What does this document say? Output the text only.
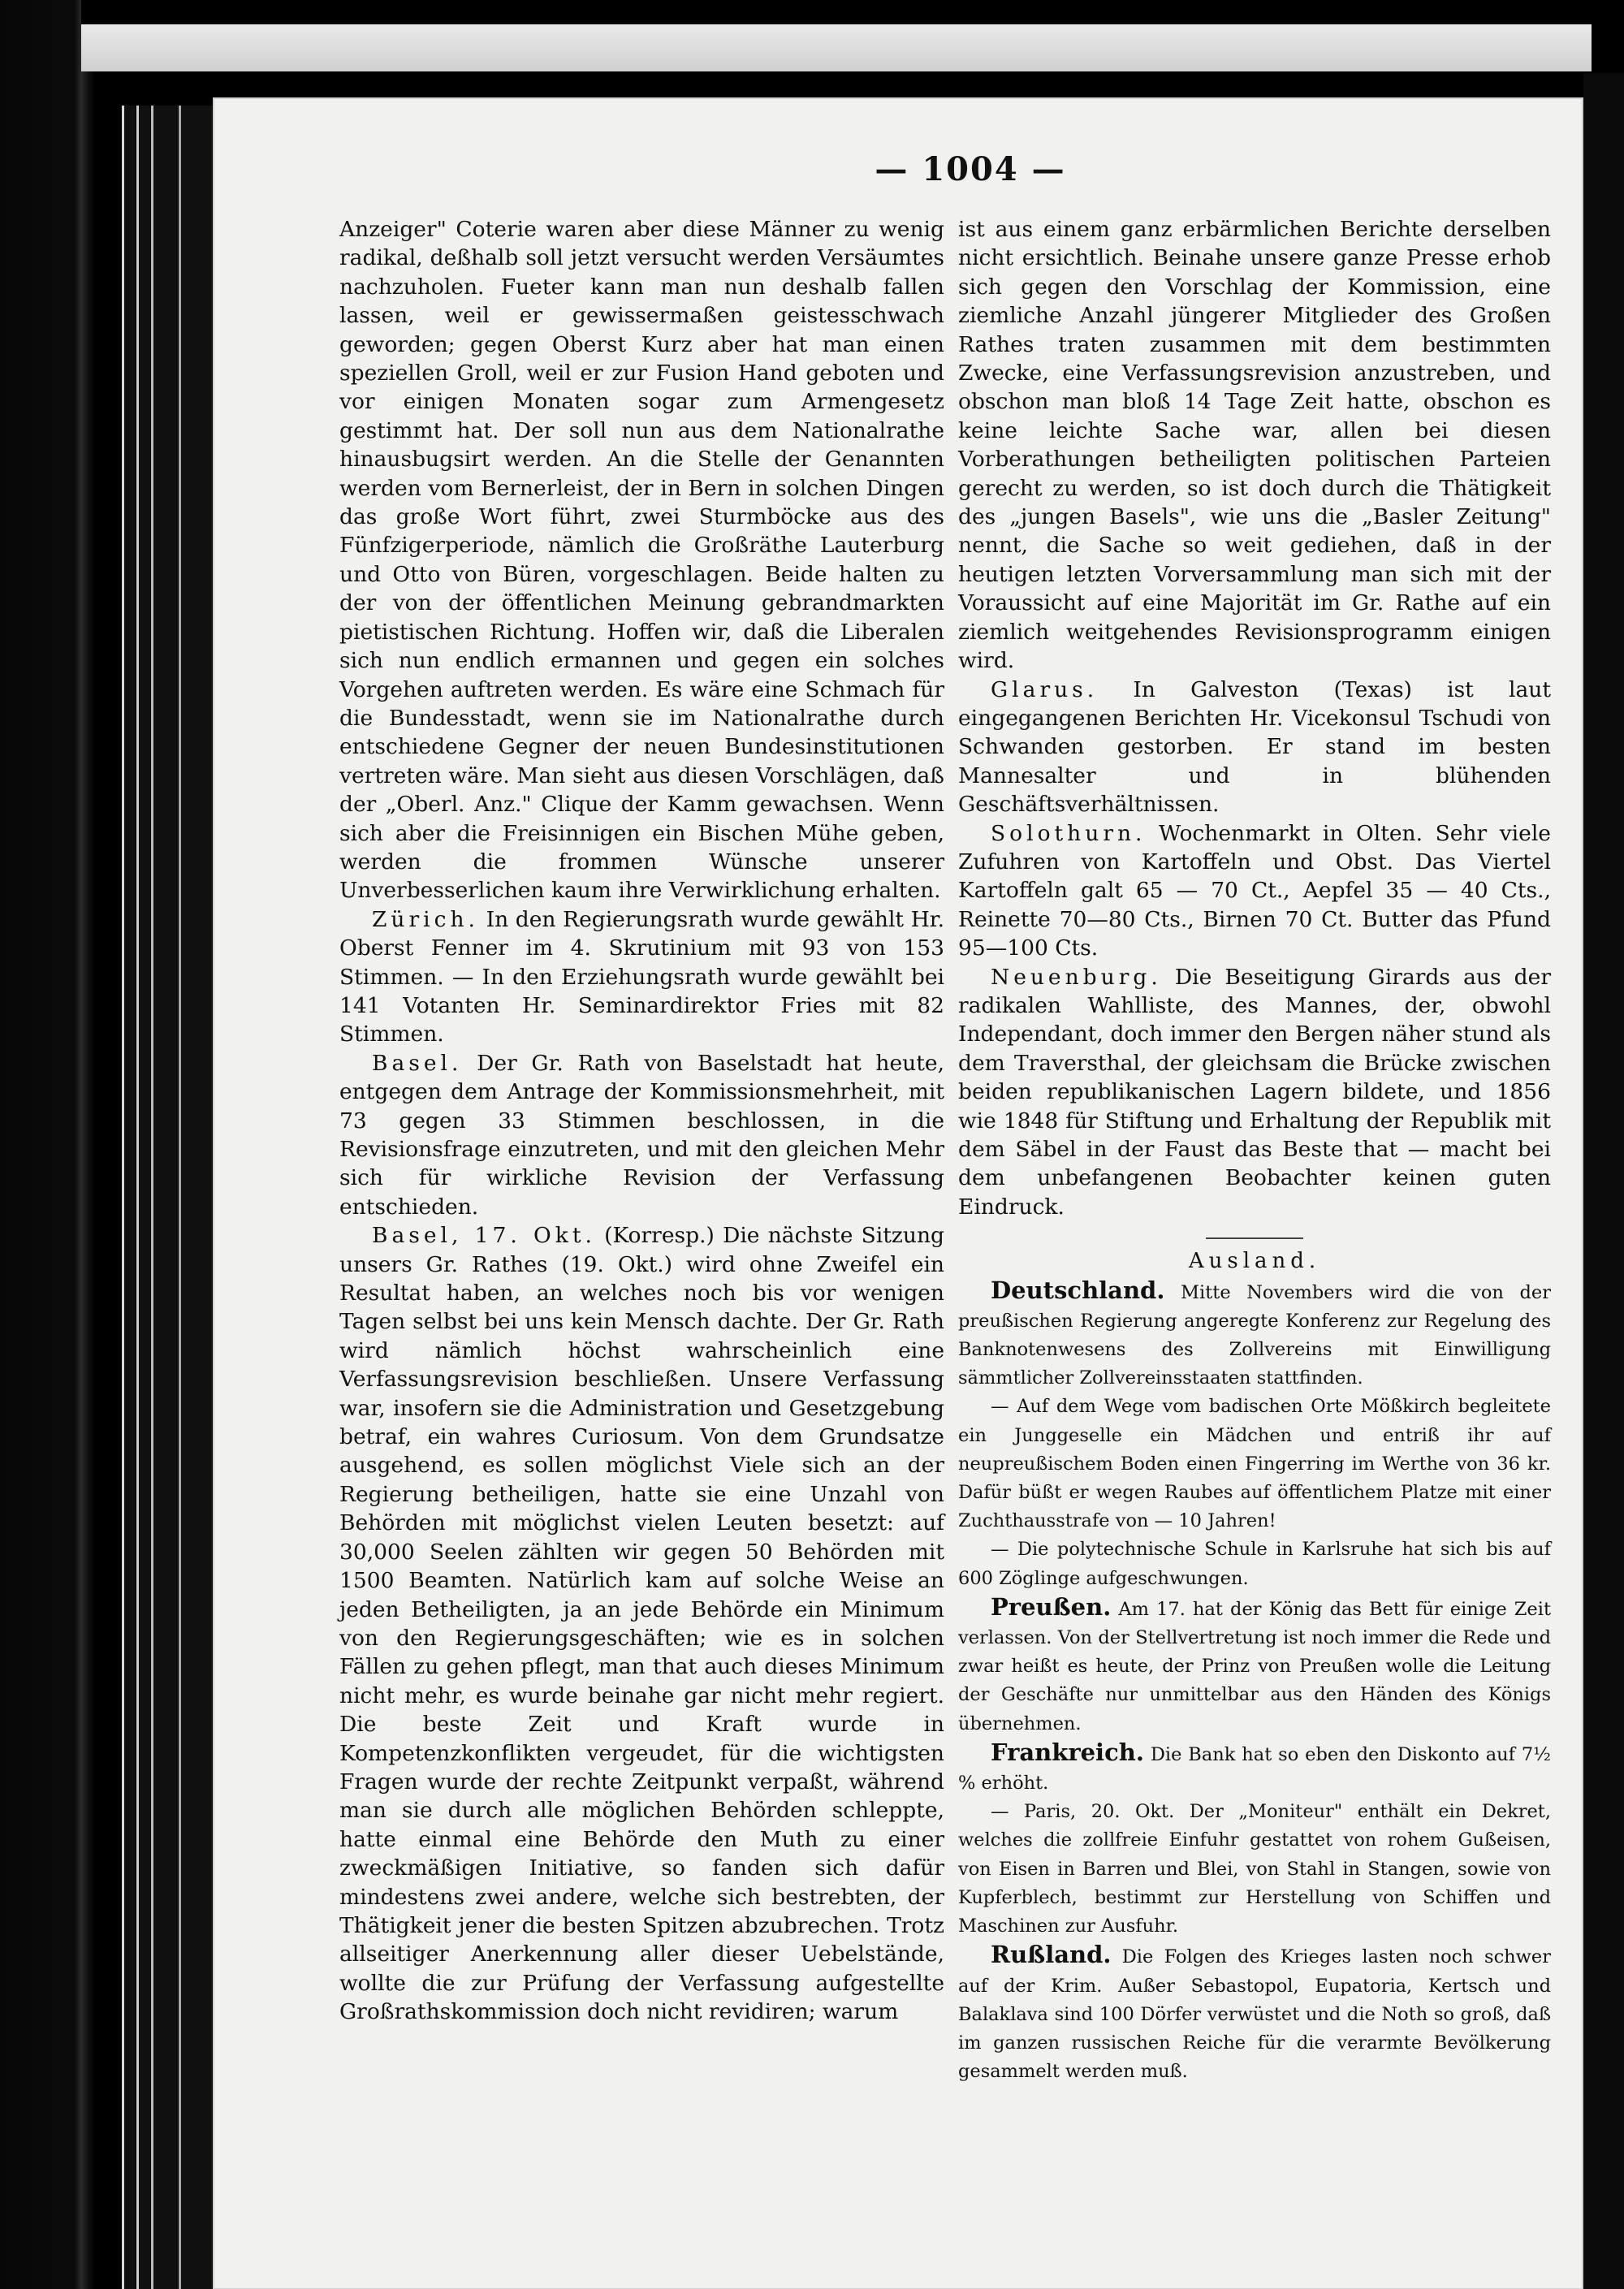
— 1004 —

Anzeiger" Coterie waren aber diese Männer zu wenig radikal, deßhalb soll jetzt versucht werden Versäumtes nachzuholen. Fueter kann man nun deshalb fallen lassen, weil er gewissermaßen geistesschwach geworden; gegen Oberst Kurz aber hat man einen speziellen Groll, weil er zur Fusion Hand geboten und vor einigen Monaten sogar zum Armengesetz gestimmt hat. Der soll nun aus dem Nationalrathe hinausbugsirt werden. An die Stelle der Genannten werden vom Bernerleist, der in Bern in solchen Dingen das große Wort führt, zwei Sturmböcke aus des Fünfzigerperiode, nämlich die Großräthe Lauterburg und Otto von Büren, vorgeschlagen. Beide halten zu der von der öffentlichen Meinung gebrandmarkten pietistischen Richtung. Hoffen wir, daß die Liberalen sich nun endlich ermannen und gegen ein solches Vorgehen auftreten werden. Es wäre eine Schmach für die Bundesstadt, wenn sie im Nationalrathe durch entschiedene Gegner der neuen Bundesinstitutionen vertreten wäre. Man sieht aus diesen Vorschlägen, daß der „Oberl. Anz." Clique der Kamm gewachsen. Wenn sich aber die Freisinnigen ein Bischen Mühe geben, werden die frommen Wünsche unserer Unverbesserlichen kaum ihre Verwirklichung erhalten.

Zürich. In den Regierungsrath wurde gewählt Hr. Oberst Fenner im 4. Skrutinium mit 93 von 153 Stimmen. — In den Erziehungsrath wurde gewählt bei 141 Votanten Hr. Seminardirektor Fries mit 82 Stimmen.

Basel. Der Gr. Rath von Baselstadt hat heute, entgegen dem Antrage der Kommissionsmehrheit, mit 73 gegen 33 Stimmen beschlossen, in die Revisionsfrage einzutreten, und mit den gleichen Mehr sich für wirkliche Revision der Verfassung entschieden.

Basel, 17. Okt. (Korresp.) Die nächste Sitzung unsers Gr. Rathes (19. Okt.) wird ohne Zweifel ein Resultat haben, an welches noch bis vor wenigen Tagen selbst bei uns kein Mensch dachte. Der Gr. Rath wird nämlich höchst wahrscheinlich eine Verfassungsrevision beschließen. Unsere Verfassung war, insofern sie die Administration und Gesetzgebung betraf, ein wahres Curiosum. Von dem Grundsatze ausgehend, es sollen möglichst Viele sich an der Regierung betheiligen, hatte sie eine Unzahl von Behörden mit möglichst vielen Leuten besetzt: auf 30,000 Seelen zählten wir gegen 50 Behörden mit 1500 Beamten. Natürlich kam auf solche Weise an jeden Betheiligten, ja an jede Behörde ein Minimum von den Regierungsgeschäften; wie es in solchen Fällen zu gehen pflegt, man that auch dieses Minimum nicht mehr, es wurde beinahe gar nicht mehr regiert. Die beste Zeit und Kraft wurde in Kompetenzkonflikten vergeudet, für die wichtigsten Fragen wurde der rechte Zeitpunkt verpaßt, während man sie durch alle möglichen Behörden schleppte, hatte einmal eine Behörde den Muth zu einer zweckmäßigen Initiative, so fanden sich dafür mindestens zwei andere, welche sich bestrebten, der Thätigkeit jener die besten Spitzen abzubrechen. Trotz allseitiger Anerkennung aller dieser Uebelstände, wollte die zur Prüfung der Verfassung aufgestellte Großrathskommission doch nicht revidiren; warum

ist aus einem ganz erbärmlichen Berichte derselben nicht ersichtlich. Beinahe unsere ganze Presse erhob sich gegen den Vorschlag der Kommission, eine ziemliche Anzahl jüngerer Mitglieder des Großen Rathes traten zusammen mit dem bestimmten Zwecke, eine Verfassungsrevision anzustreben, und obschon man bloß 14 Tage Zeit hatte, obschon es keine leichte Sache war, allen bei diesen Vorberathungen betheiligten politischen Parteien gerecht zu werden, so ist doch durch die Thätigkeit des „jungen Basels", wie uns die „Basler Zeitung" nennt, die Sache so weit gediehen, daß in der heutigen letzten Vorversammlung man sich mit der Voraussicht auf eine Majorität im Gr. Rathe auf ein ziemlich weitgehendes Revisionsprogramm einigen wird.

Glarus. In Galveston (Texas) ist laut eingegangenen Berichten Hr. Vicekonsul Tschudi von Schwanden gestorben. Er stand im besten Mannesalter und in blühenden Geschäftsverhältnissen.

Solothurn. Wochenmarkt in Olten. Sehr viele Zufuhren von Kartoffeln und Obst. Das Viertel Kartoffeln galt 65 — 70 Ct., Aepfel 35 — 40 Cts., Reinette 70—80 Cts., Birnen 70 Ct. Butter das Pfund 95—100 Cts.

Neuenburg. Die Beseitigung Girards aus der radikalen Wahlliste, des Mannes, der, obwohl Independant, doch immer den Bergen näher stund als dem Traversthal, der gleichsam die Brücke zwischen beiden republikanischen Lagern bildete, und 1856 wie 1848 für Stiftung und Erhaltung der Republik mit dem Säbel in der Faust das Beste that — macht bei dem unbefangenen Beobachter keinen guten Eindruck.

Ausland.

Deutschland. Mitte Novembers wird die von der preußischen Regierung angeregte Konferenz zur Regelung des Banknotenwesens des Zollvereins mit Einwilligung sämmtlicher Zollvereinsstaaten stattfinden.

— Auf dem Wege vom badischen Orte Mößkirch begleitete ein Junggeselle ein Mädchen und entriß ihr auf neupreußischem Boden einen Fingerring im Werthe von 36 kr. Dafür büßt er wegen Raubes auf öffentlichem Platze mit einer Zuchthausstrafe von — 10 Jahren!

— Die polytechnische Schule in Karlsruhe hat sich bis auf 600 Zöglinge aufgeschwungen.

Preußen. Am 17. hat der König das Bett für einige Zeit verlassen. Von der Stellvertretung ist noch immer die Rede und zwar heißt es heute, der Prinz von Preußen wolle die Leitung der Geschäfte nur unmittelbar aus den Händen des Königs übernehmen.

Frankreich. Die Bank hat so eben den Diskonto auf 7½ % erhöht.

— Paris, 20. Okt. Der „Moniteur" enthält ein Dekret, welches die zollfreie Einfuhr gestattet von rohem Gußeisen, von Eisen in Barren und Blei, von Stahl in Stangen, sowie von Kupferblech, bestimmt zur Herstellung von Schiffen und Maschinen zur Ausfuhr.

Rußland. Die Folgen des Krieges lasten noch schwer auf der Krim. Außer Sebastopol, Eupatoria, Kertsch und Balaklava sind 100 Dörfer verwüstet und die Noth so groß, daß im ganzen russischen Reiche für die verarmte Bevölkerung gesammelt werden muß.
